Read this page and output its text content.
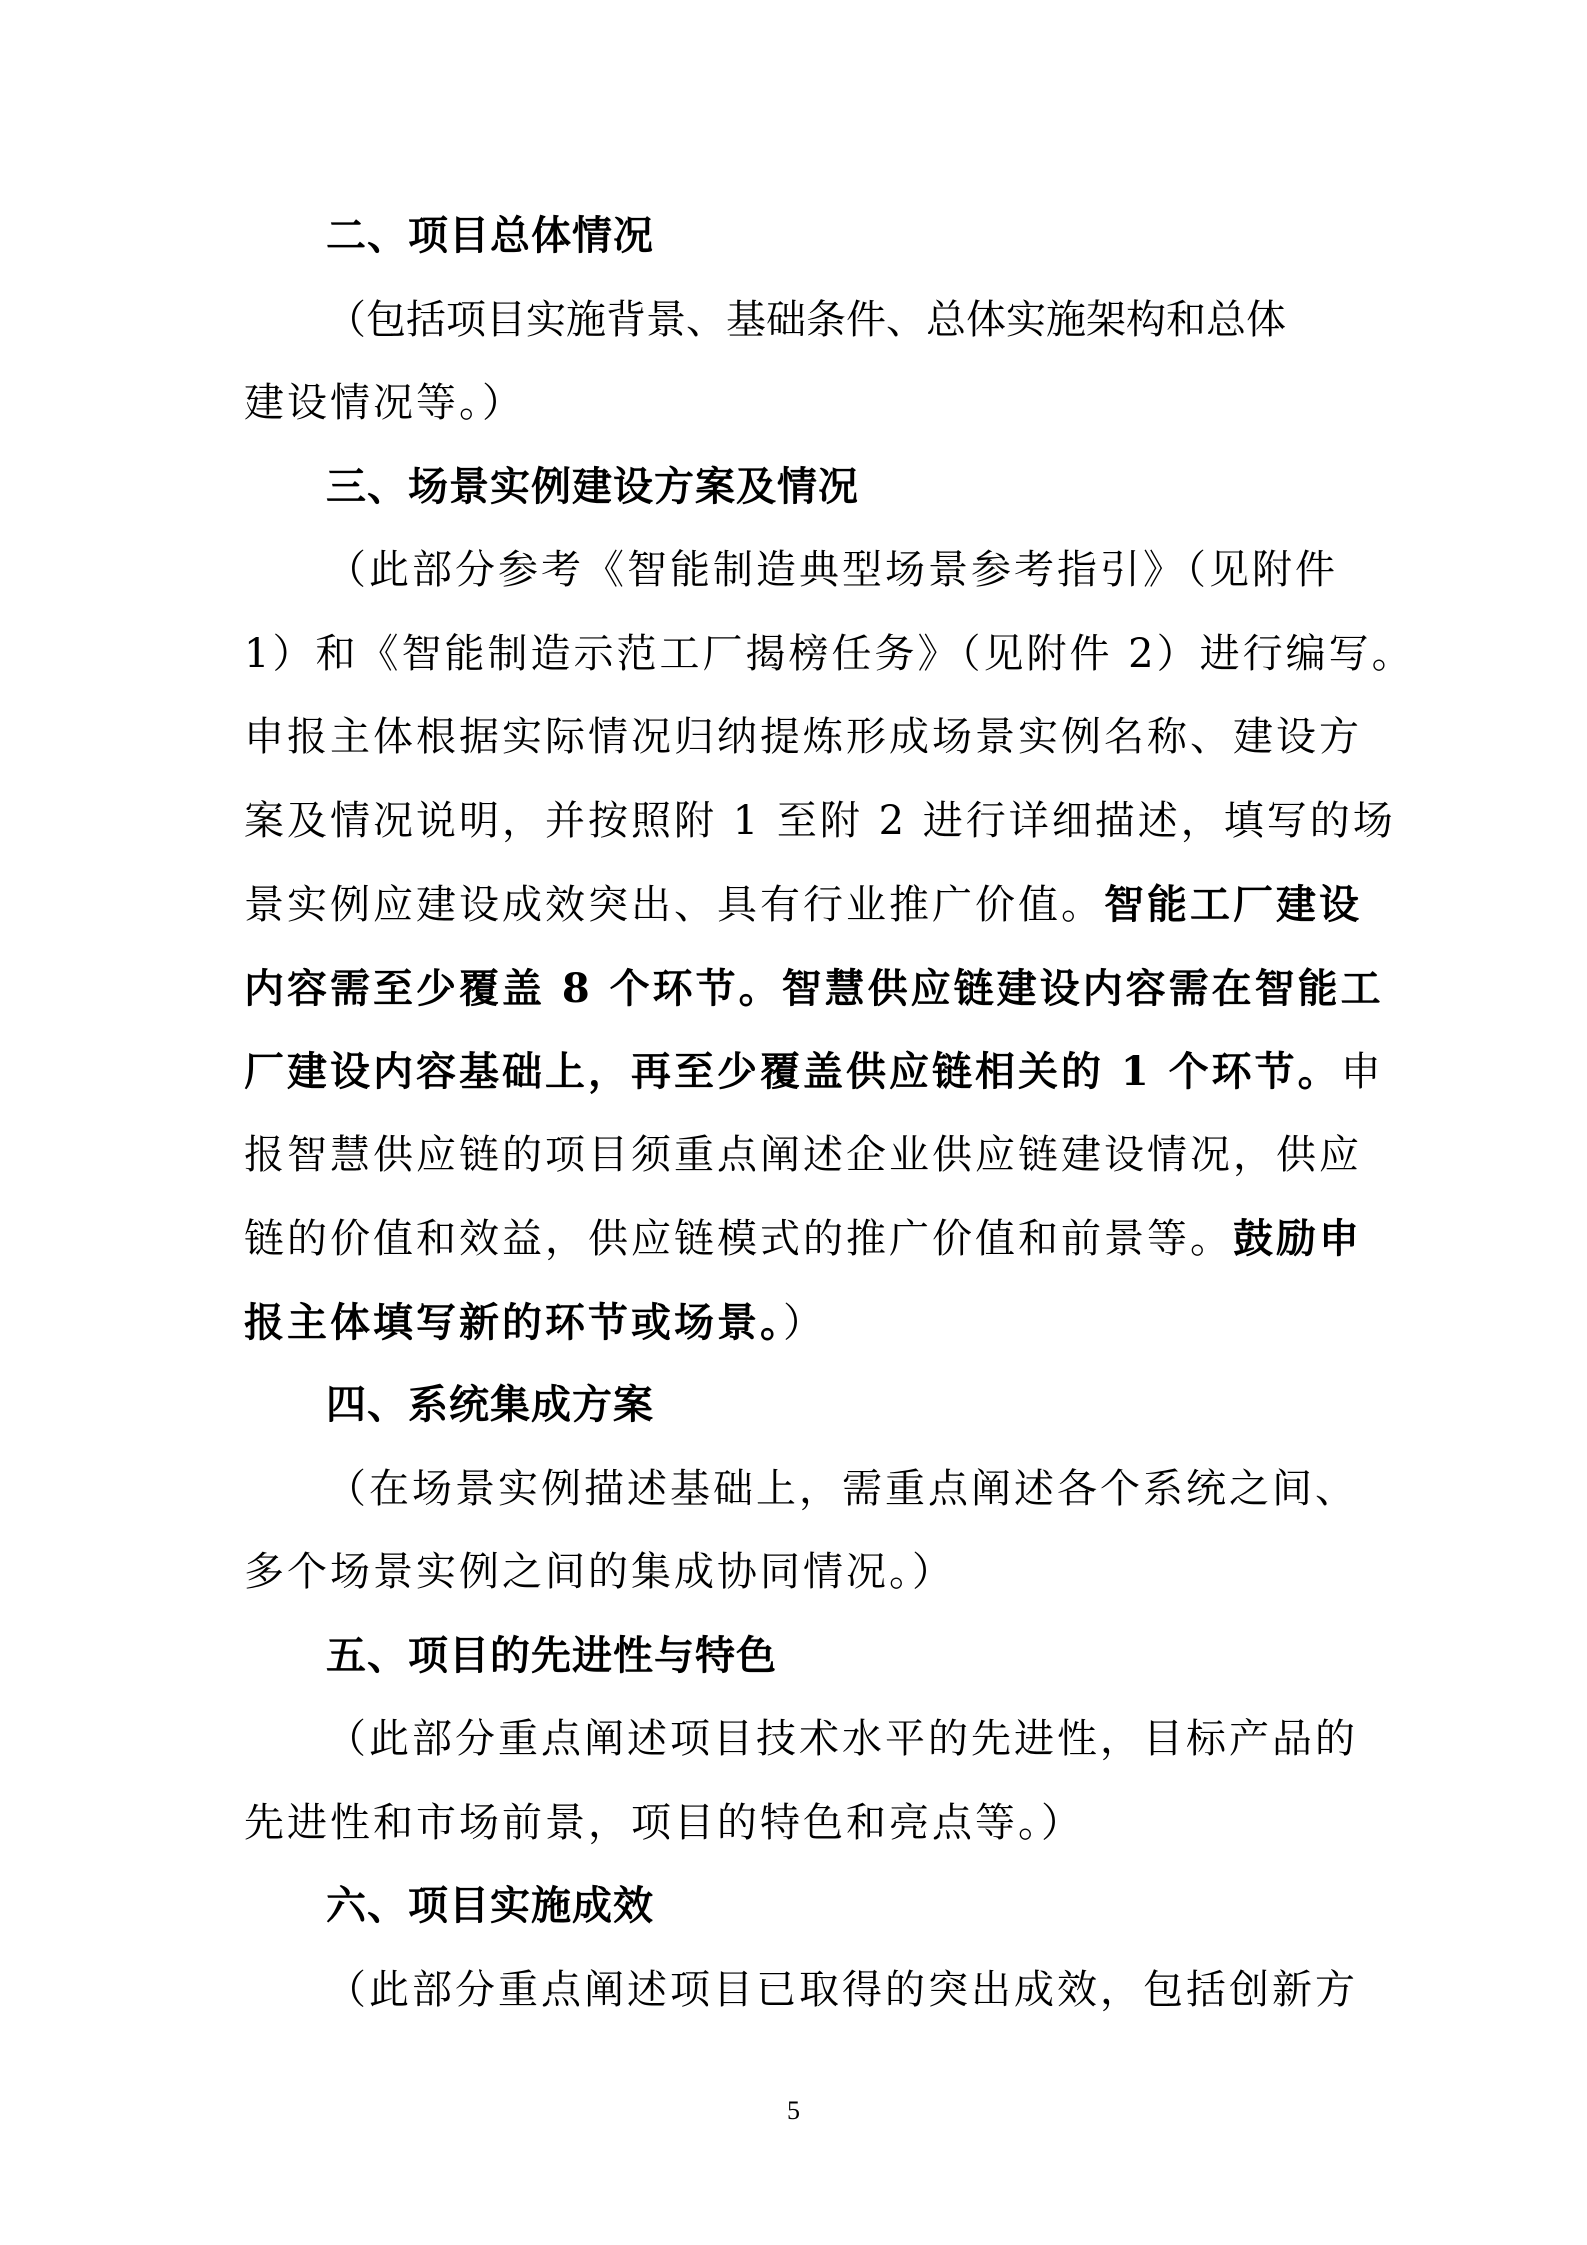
二、项目总体情况
（包括项目实施背景、基础条件、总体实施架构和总体
建设情况等。）
三、场景实例建设方案及情况
（此部分参考《智能制造典型场景参考指引》（见附件
1）和《智能制造示范工厂揭榜任务》（见附件 2）进行编写。
申报主体根据实际情况归纳提炼形成场景实例名称、建设方
案及情况说明，并按照附 1 至附 2 进行详细描述，填写的场
景实例应建设成效突出、具有行业推广价值。智能工厂建设
内容需至少覆盖 8 个环节。智慧供应链建设内容需在智能工
厂建设内容基础上，再至少覆盖供应链相关的 1 个环节。申
报智慧供应链的项目须重点阐述企业供应链建设情况，供应
链的价值和效益，供应链模式的推广价值和前景等。鼓励申
报主体填写新的环节或场景。）
四、系统集成方案
（在场景实例描述基础上，需重点阐述各个系统之间、
多个场景实例之间的集成协同情况。）
五、项目的先进性与特色
（此部分重点阐述项目技术水平的先进性，目标产品的
先进性和市场前景，项目的特色和亮点等。）
六、项目实施成效
（此部分重点阐述项目已取得的突出成效，包括创新方
5
